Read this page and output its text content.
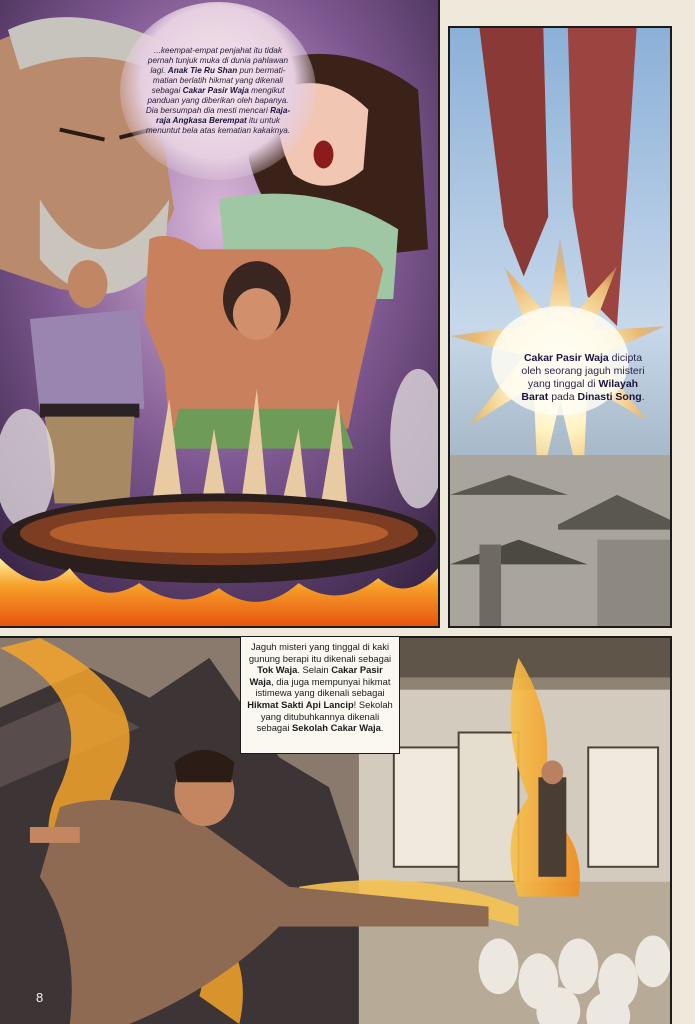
...keempat-empat penjahat itu tidak pernah tunjuk muka di dunia pahlawan lagi. Anak Tie Ru Shan pun bermati-matian berlatih hikmat yang dikenali sebagai Cakar Pasir Waja mengikut panduan yang diberikan oleh bapanya. Dia bersumpah dia mesti mencari Raja-raja Angkasa Berempat itu untuk menuntut bela atas kematian kakaknya.

Cakar Pasir Waja dicipta oleh seorang jaguh misteri yang tinggal di Wilayah Barat pada Dinasti Song.
Jaguh misteri yang tinggal di kaki gunung berapi itu dikenali sebagai Tok Waja. Selain Cakar Pasir Waja, dia juga mempunyai hikmat istimewa yang dikenali sebagai Hikmat Sakti Api Lancip! Sekolah yang ditubuhkannya dikenali sebagai Sekolah Cakar Waja.
8
